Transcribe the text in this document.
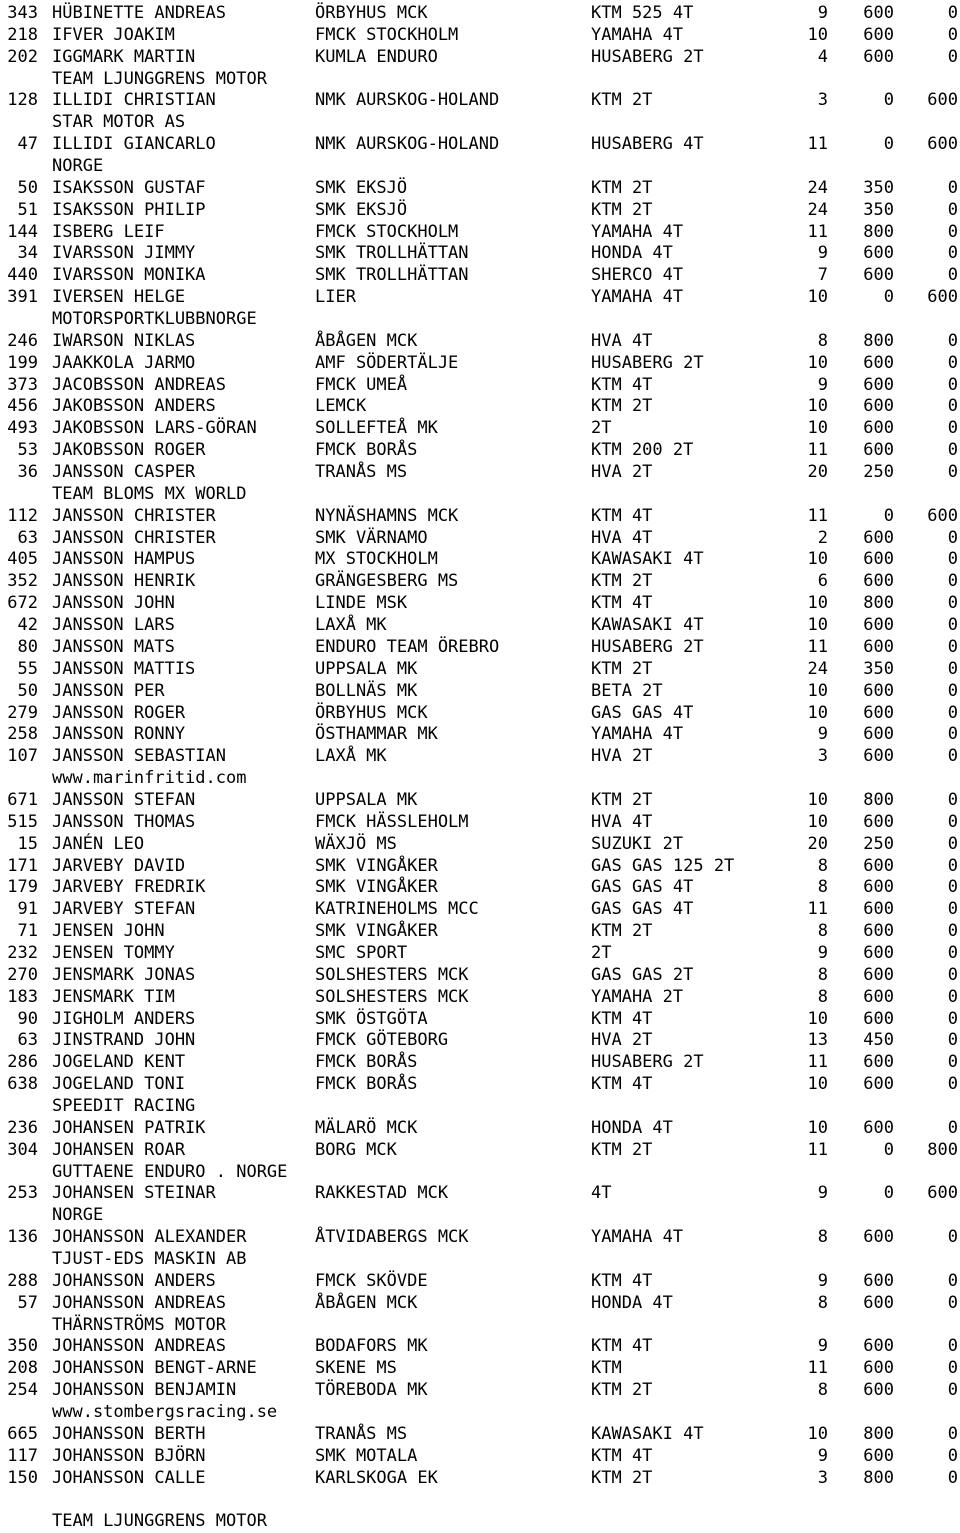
343 HÜBINETTE ANDREAS	ÖRBYHUS MCK	KTM 525 4T	9	600	0
218 IFVER JOAKIM	FMCK STOCKHOLM	YAMAHA 4T	10	600	0
202 IGGMARK MARTIN	KUMLA ENDURO	HUSABERG 2T	4	600	0
TEAM LJUNGGRENS MOTOR
128 ILLIDI CHRISTIAN	NMK AURSKOG-HOLAND	KTM 2T	3	0	600
STAR MOTOR AS
47 ILLIDI GIANCARLO	NMK AURSKOG-HOLAND	HUSABERG 4T	11	0	600
NORGE
50 ISAKSSON GUSTAF	SMK EKSJÖ	KTM 2T	24	350	0
51 ISAKSSON PHILIP	SMK EKSJÖ	KTM 2T	24	350	0
144 ISBERG LEIF	FMCK STOCKHOLM	YAMAHA 4T	11	800	0
34 IVARSSON JIMMY	SMK TROLLHÄTTAN	HONDA 4T	9	600	0
440 IVARSSON MONIKA	SMK TROLLHÄTTAN	SHERCO 4T	7	600	0
391 IVERSEN HELGE	LIER	YAMAHA 4T	10	0	600
MOTORSPORTKLUBBNORGE
246 IWARSON NIKLAS	ÅBÅGEN MCK	HVA 4T	8	800	0
199 JAAKKOLA JARMO	AMF SÖDERTÄLJE	HUSABERG 2T	10	600	0
373 JACOBSSON ANDREAS	FMCK UMEÅ	KTM 4T	9	600	0
456 JAKOBSSON ANDERS	LEMCK	KTM 2T	10	600	0
493 JAKOBSSON LARS-GÖRAN	SOLLEFTEÅ MK	2T	10	600	0
53 JAKOBSSON ROGER	FMCK BORÅS	KTM 200 2T	11	600	0
36 JANSSON CASPER	TRANÅS MS	HVA 2T	20	250	0
TEAM BLOMS MX WORLD
112 JANSSON CHRISTER	NYNÄSHAMNS MCK	KTM 4T	11	0	600
63 JANSSON CHRISTER	SMK VÄRNAMO	HVA 4T	2	600	0
405 JANSSON HAMPUS	MX STOCKHOLM	KAWASAKI 4T	10	600	0
352 JANSSON HENRIK	GRÄNGESBERG MS	KTM 2T	6	600	0
672 JANSSON JOHN	LINDE MSK	KTM 4T	10	800	0
42 JANSSON LARS	LAXÅ MK	KAWASAKI 4T	10	600	0
80 JANSSON MATS	ENDURO TEAM ÖREBRO	HUSABERG 2T	11	600	0
55 JANSSON MATTIS	UPPSALA MK	KTM 2T	24	350	0
50 JANSSON PER	BOLLNÄS MK	BETA 2T	10	600	0
279 JANSSON ROGER	ÖRBYHUS MCK	GAS GAS 4T	10	600	0
258 JANSSON RONNY	ÖSTHAMMAR MK	YAMAHA 4T	9	600	0
107 JANSSON SEBASTIAN	LAXÅ MK	HVA 2T	3	600	0
www.marinfritid.com
671 JANSSON STEFAN	UPPSALA MK	KTM 2T	10	800	0
515 JANSSON THOMAS	FMCK HÄSSLEHOLM	HVA 4T	10	600	0
15 JANÉN LEO	WÄXJÖ MS	SUZUKI 2T	20	250	0
171 JARVEBY DAVID	SMK VINGÅKER	GAS GAS 125 2T	8	600	0
179 JARVEBY FREDRIK	SMK VINGÅKER	GAS GAS 4T	8	600	0
91 JARVEBY STEFAN	KATRINEHOLMS MCC	GAS GAS 4T	11	600	0
71 JENSEN JOHN	SMK VINGÅKER	KTM 2T	8	600	0
232 JENSEN TOMMY	SMC SPORT	2T	9	600	0
270 JENSMARK JONAS	SOLSHESTERS MCK	GAS GAS 2T	8	600	0
183 JENSMARK TIM	SOLSHESTERS MCK	YAMAHA 2T	8	600	0
90 JIGHOLM ANDERS	SMK ÖSTGÖTA	KTM 4T	10	600	0
63 JINSTRAND JOHN	FMCK GÖTEBORG	HVA 2T	13	450	0
286 JOGELAND KENT	FMCK BORÅS	HUSABERG 2T	11	600	0
638 JOGELAND TONI	FMCK BORÅS	KTM 4T	10	600	0
SPEEDIT RACING
236 JOHANSEN PATRIK	MÄLARÖ MCK	HONDA 4T	10	600	0
304 JOHANSEN ROAR	BORG MCK	KTM 2T	11	0	800
GUTTAENE ENDURO . NORGE
253 JOHANSEN STEINAR	RAKKESTAD MCK	4T	9	0	600
NORGE
136 JOHANSSON ALEXANDER	ÅTVIDABERGS MCK	YAMAHA 4T	8	600	0
TJUST-EDS MASKIN AB
288 JOHANSSON ANDERS	FMCK SKÖVDE	KTM 4T	9	600	0
57 JOHANSSON ANDREAS	ÅBÅGEN MCK	HONDA 4T	8	600	0
THÄRNSTRÖMS MOTOR
350 JOHANSSON ANDREAS	BODAFORS MK	KTM 4T	9	600	0
208 JOHANSSON BENGT-ARNE	SKENE MS	KTM	11	600	0
254 JOHANSSON BENJAMIN	TÖREBODA MK	KTM 2T	8	600	0
www.stombergsracing.se
665 JOHANSSON BERTH	TRANÅS MS	KAWASAKI 4T	10	800	0
117 JOHANSSON BJÖRN	SMK MOTALA	KTM 4T	9	600	0
150 JOHANSSON CALLE	KARLSKOGA EK	KTM 2T	3	800	0
TEAM LJUNGGRENS MOTOR
